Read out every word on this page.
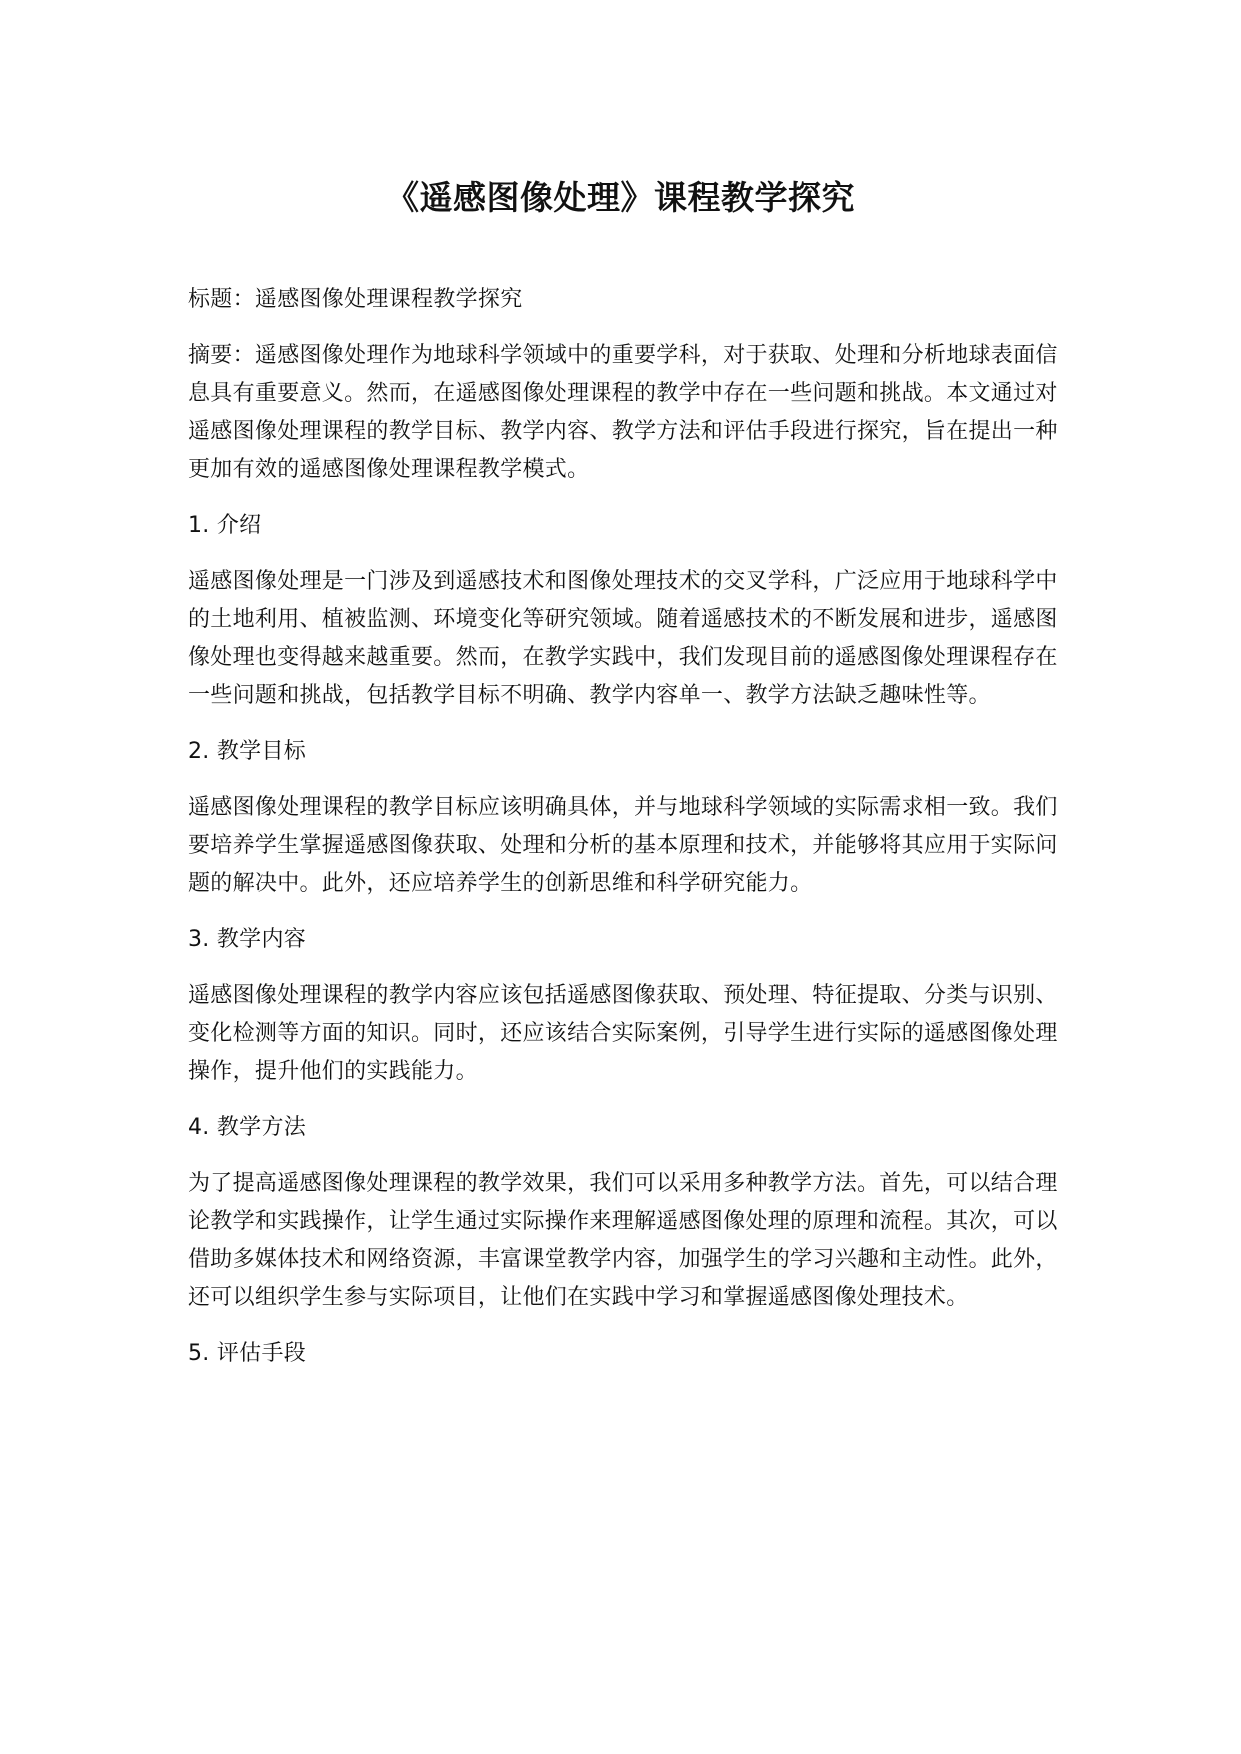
《遥感图像处理》课程教学探究

标题：遥感图像处理课程教学探究

摘要：遥感图像处理作为地球科学领域中的重要学科，对于获取、处理和分析地球表面信息具有重要意义。然而，在遥感图像处理课程的教学中存在一些问题和挑战。本文通过对遥感图像处理课程的教学目标、教学内容、教学方法和评估手段进行探究，旨在提出一种更加有效的遥感图像处理课程教学模式。

1. 介绍

遥感图像处理是一门涉及到遥感技术和图像处理技术的交叉学科，广泛应用于地球科学中的土地利用、植被监测、环境变化等研究领域。随着遥感技术的不断发展和进步，遥感图像处理也变得越来越重要。然而，在教学实践中，我们发现目前的遥感图像处理课程存在一些问题和挑战，包括教学目标不明确、教学内容单一、教学方法缺乏趣味性等。

2. 教学目标

遥感图像处理课程的教学目标应该明确具体，并与地球科学领域的实际需求相一致。我们要培养学生掌握遥感图像获取、处理和分析的基本原理和技术，并能够将其应用于实际问题的解决中。此外，还应培养学生的创新思维和科学研究能力。

3. 教学内容

遥感图像处理课程的教学内容应该包括遥感图像获取、预处理、特征提取、分类与识别、变化检测等方面的知识。同时，还应该结合实际案例，引导学生进行实际的遥感图像处理操作，提升他们的实践能力。

4. 教学方法

为了提高遥感图像处理课程的教学效果，我们可以采用多种教学方法。首先，可以结合理论教学和实践操作，让学生通过实际操作来理解遥感图像处理的原理和流程。其次，可以借助多媒体技术和网络资源，丰富课堂教学内容，加强学生的学习兴趣和主动性。此外，还可以组织学生参与实际项目，让他们在实践中学习和掌握遥感图像处理技术。

5. 评估手段
